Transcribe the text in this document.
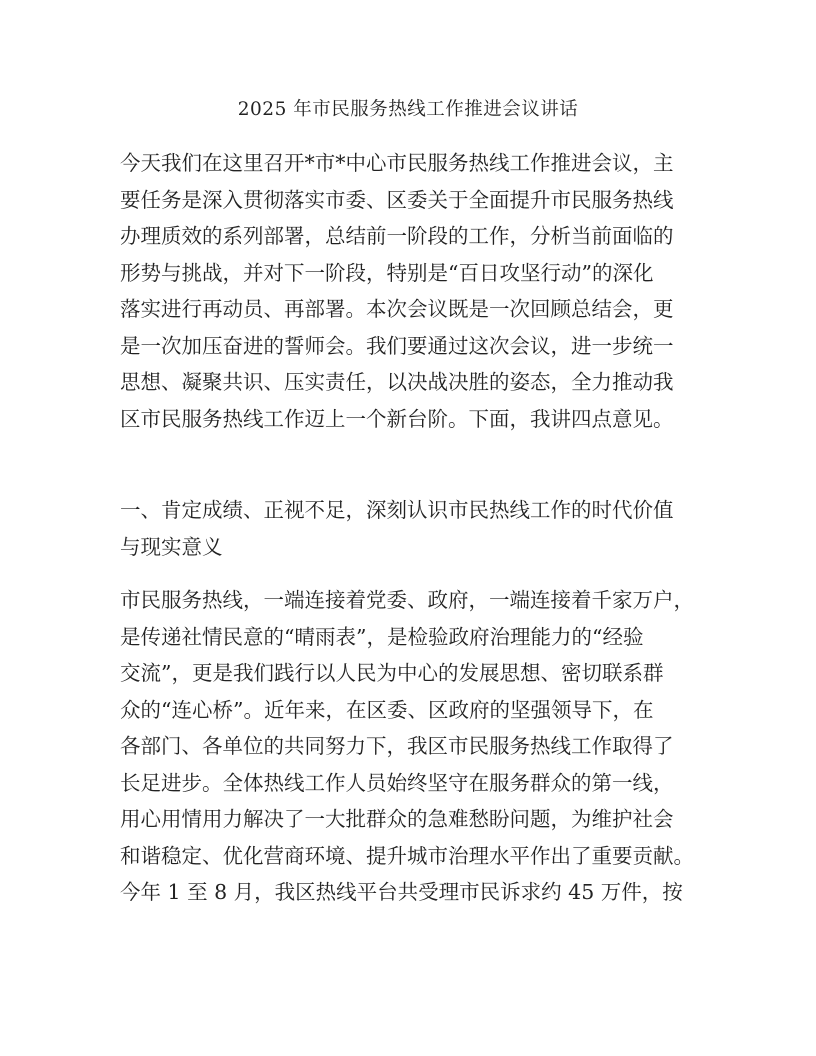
2025 年市民服务热线工作推进会议讲话

今天我们在这里召开*市*中心市民服务热线工作推进会议，主
要任务是深入贯彻落实市委、区委关于全面提升市民服务热线
办理质效的系列部署，总结前一阶段的工作，分析当前面临的
形势与挑战，并对下一阶段，特别是“百日攻坚行动”的深化
落实进行再动员、再部署。本次会议既是一次回顾总结会，更
是一次加压奋进的誓师会。我们要通过这次会议，进一步统一
思想、凝聚共识、压实责任，以决战决胜的姿态，全力推动我
区市民服务热线工作迈上一个新台阶。下面，我讲四点意见。

一、肯定成绩、正视不足，深刻认识市民热线工作的时代价值
与现实意义

市民服务热线，一端连接着党委、政府，一端连接着千家万户，
是传递社情民意的“晴雨表”，是检验政府治理能力的“经验
交流”，更是我们践行以人民为中心的发展思想、密切联系群
众的“连心桥”。近年来，在区委、区政府的坚强领导下，在
各部门、各单位的共同努力下，我区市民服务热线工作取得了
长足进步。全体热线工作人员始终坚守在服务群众的第一线，
用心用情用力解决了一大批群众的急难愁盼问题，为维护社会
和谐稳定、优化营商环境、提升城市治理水平作出了重要贡献。
今年 1 至 8 月，我区热线平台共受理市民诉求约 45 万件，按
